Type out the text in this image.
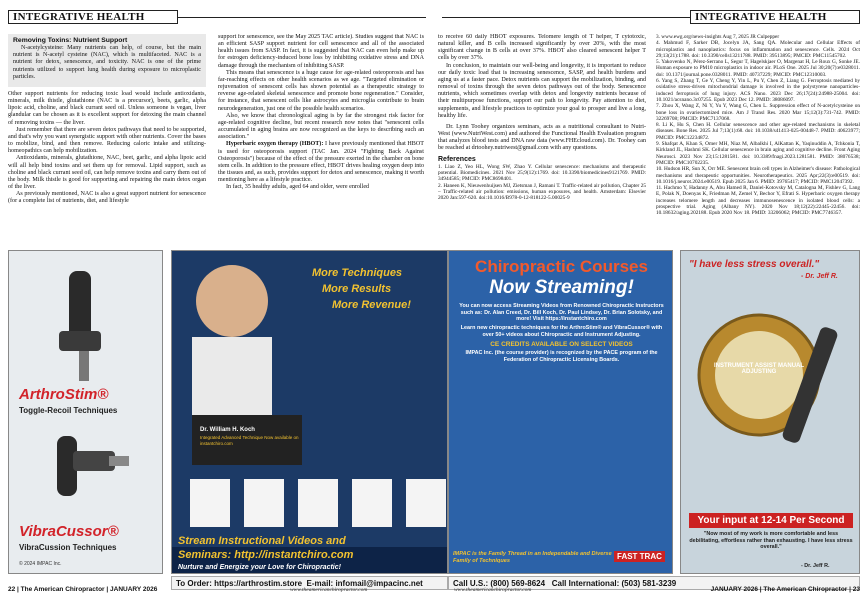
INTEGRATIVE HEALTH
Removing Toxins: Nutrient Support

N-acetylcysteine: Many nutrients can help, of course, but the main nutrient is N-acetyl cysteine (NAC), which is multifaceted. NAC is a nutrient for detox, senescence, and toxicity. NAC is one of the prime nutrients utilized to support lung health during exposure to microplastic particles.

Other support nutrients for reducing toxic load would include antioxidants, minerals, milk thistle, glutathione (NAC is a precursor), beets, garlic, alpha lipoic acid, choline, and black currant seed oil. Unless someone is vegan, liver glandular can be chosen as it is excellent support for detoxing the main channel of removing toxins — the liver.

Just remember that there are seven detox pathways that need to be supported, and that's why you want synergistic support with other nutrients. Cover the bases to mobilize, bind, and then remove. Reducing caloric intake and utilizing- homeopathics can help mobilization.

Antioxidants, minerals, glutathione, NAC, beet, garlic, and alpha lipoic acid will all help bind toxins and set them up for removal. Lipid support, such as choline and black currant seed oil, can help remove toxins and carry them out of the body. Milk thistle is good for supporting and repairing the main detox organ of the liver.

As previously mentioned, NAC is also a great support nutrient for senescence (for a complete list of nutrients, diet, and lifestyle

support for senescence, see the May 2025 TAC article). Studies suggest that NAC is an efficient SASP support nutrient for cell senescence and all of the associated health issues from SASP. In fact, it is suggested that NAC can even help make up for estrogen deficiency-induced bone loss by inhibiting oxidative stress and DNA damage through the mechanism of inhibiting SASP.

This means that senescence is a huge cause for age-related osteoporosis and has far-reaching effects on other health scenarios as we age. "Targeted elimination or rejuvenation of senescent cells has shown potential as a therapeutic strategy to reverse age-related skeletal senescence and promote bone regeneration." Consider, for instance, that senescent cells like astrocytes and microglia contribute to brain neurodegeneration, just one of the possible health scenarios.

Also, we know that chronological aging is by far the strongest risk factor for age-related cognitive decline, but recent research now notes that "senescent cells accumulated in aging brains are now recognized as the keys to describing such an association."

Hyperbaric oxygen therapy (HBOT): I have previously mentioned that HBOT is used for osteoporosis support (TAC Jan. 2024 "Fighting Back Against Osteoporosis") because of the effect of the pressure exerted in the chamber on bone stem cells. In addition to the pressure effect, HBOT drives healing oxygen deep into the tissues and, as such, provides support for detox and senescence, making it worth mentioning here as a lifestyle practice.

In fact, 35 healthy adults, aged 64 and older, were enrolled

INTEGRATIVE HEALTH

to receive 60 daily HBOT exposures. Telomere length of T helper, T cytotoxic, natural killer, and B cells increased significantly by over 20%, with the most significant change in B cells at over 37%. HBOT also cleared senescent helper T cells by over 37%.

In conclusion, to maintain our well-being and longevity, it is important to reduce our daily toxic load that is increasing senescence, SASP, and health burdens and aging us at a faster pace. Detox nutrients can support the mobilization, binding, and removal of toxins through the seven detox pathways out of the body. Senescence nutrients, which sometimes overlap with detox and longevity nutrients because of their multipurpose functions, support our path to longevity. Pay attention to diet, supplements, and lifestyle practices to optimize your goal to prosper and live a long, healthy life.

Dr. Lynn Toohey organizes seminars, acts as a nutritional consultant to Nutri-West (www.NutriWest.com) and authored the Functional Health Evaluation program that analyzes blood tests and DNA raw data (www.FHEcloud.com). Dr. Toohey can be reached at drtoohey.nutriwest@gmail.com with any questions.

References

1. Liao Z, Yeo HL, Wong SW, Zhao Y. Cellular senescence: mechanisms and therapeutic potential. Biomedicines. 2021 Nov 25;9(12):1769. doi: 10.3390/biomedicines9121769. PMID: 34944585; PMCID: PMC8698401.

2. Haneen K, Nieuwenhuijsen MJ, Zietsman J, Ramani T. Traffic-related air pollution, Chapter 25 – Traffic-related air pollution: emissions, human exposures, and health. Amsterdam: Elsevier 2020 Jan:597-620. doi:10.1016/B978-0-12-818122-5.00025-9

3. www.ewg.org/news-insights Aug 7, 2025 JR Culpepper

4. Mahmud F, Sarker DB, Jocelyn JA, Sang QA. Molecular and Cellular Effects of microplastics and nanoplastics: focus on inflammation and senescence. Cells. 2024 Oct 29;13(21):1788. doi: 10.3390/cells13211788. PMID: 39513895; PMCID: PMC11545702.

5. Yakovenko N, Pérez-Serrano L, Segur T, Hagelskjaer O, Margenat H, Le Roux G, Sonke JE. Human exposure to PM10 microplastics in indoor air. PLoS One. 2025 Jul 30;20(7):e0328011. doi: 10.1371/journal.pone.0328011. PMID: 40737229; PMCID: PMC12310003.

6. Yang S, Zhang T, Ge Y, Cheng Y, Yin L, Pu Y, Chen Z, Liang G. Ferroptosis mediated by oxidative stress-driven mitochondrial damage is involved in the polystyrene nanoparticles-induced ferroptosis of lung injury. ACS Nano. 2023 Dec 26;17(24):24988-25004. doi: 10.1021/acsnano.3c07255. Epub 2023 Dec 12. PMID: 38086097.

7. Zhou X, Wang Z, Ni Y, Yu Y, Wang G, Chen L. Suppression effect of N-acetylcysteine on bone loss in ovariectomized mice. Am J Transl Res. 2020 Mar 15;12(3):731-742. PMID: 32269708; PMCID: PMC7137068.

8. Li K, Hu S, Chen H. Cellular senescence and other age-related mechanisms in skeletal diseases. Bone Res. 2025 Jul 7;13(1):68. doi: 10.1038/s41413-025-00448-7. PMID: 40623977; PMCID: PMC12234872.

9. Shafqat A, Khan S, Omer MH, Niaz M, Albalkhi I, AlKattan K, Yaqinuddin A, Tchkonia T, Kirkland JL, Hashmi SK. Cellular senescence in brain aging and cognitive decline. Front Aging Neurosci. 2023 Nov 23;15:1281581. doi: 10.3389/fnagi.2023.1281581. PMID: 38076538; PMCID: PMC10702235.

10. Hudson HR, Sun X, Orr ME. Senescent brain cell types in Alzheimer's disease: Pathological mechanisms and therapeutic opportunities. Neurotherapeutics. 2025 Apr;22(3):e00519. doi: 10.1016/j.neurot.2024.e00519. Epub 2025 Jan 6. PMID: 39765417; PMCID: PMC12047392.

11. Hachmo Y, Hadanny A, Abu Hamed R, Daniel-Kotovsky M, Catalogna M, Fishlev G, Lang E, Polak N, Doenyas K, Friedman M, Zemel Y, Bechor Y, Efrati S. Hyperbaric oxygen therapy increases telomere length and decreases immunosenescence in isolated blood cells: a prospective trial. Aging (Albany NY). 2020 Nov 18;12(22):22445-22456. doi: 10.18632/aging.202188. Epub 2020 Nov 18. PMID: 33206062; PMCID: PMC7746357.

ArthroStim®
Toggle-Recoil Techniques
VibraCussor®
VibraCussion Techniques
© 2024 IMPAC Inc.
More Techniques
More Results
More Revenue!
Dr. William H. Koch
Integrated Advanced Technique Now available on instantchiro.com
Stream Instructional Videos and
Seminars: http://instantchiro.com
Nurture and Energize your Love for Chiropractic!
Chiropractic Courses
Now Streaming!
You can now access Streaming Videos from Renowned Chiropractic Instructors such as: Dr. Alan Creed, Dr. Bill Koch, Dr. Paul Lindsey, Dr. Brian Solotsky, and more! Visit https://instantchiro.com
Learn new chiropractic techniques for the ArthroStim® and VibraCussor® with over 50+ videos about Chiropractic and Instrument Adjusting.
CE CREDITS AVAILABLE ON SELECT VIDEOS
IMPAC Inc. (the course provider) is recognized by the PACE program of the Federation of Chiropractic Licensing Boards.
IMPAC is the Family Thread in an Independable and Diverse Family of Techniques	FAST TRAC
"I have less stress overall."
- Dr. Jeff R.
INSTRUMENT ASSIST MANUAL ADJUSTING
Your input at 12-14 Per Second
"Now most of my work is more comfortable and less debilitating, effortless rather than exhausting. I have less stress overall."
- Dr. Jeff R.
To Order: https://arthrostim.store E-mail: infomail@impacinc.net	Call U.S.: (800) 569-8624 Call International: (503) 581-3239
22 | The American Chiropractor | JANUARY 2026	www.theamericanchiropractor.com	www.theamericanchiropractor.com	JANUARY 2026 | The American Chiropractor | 23
